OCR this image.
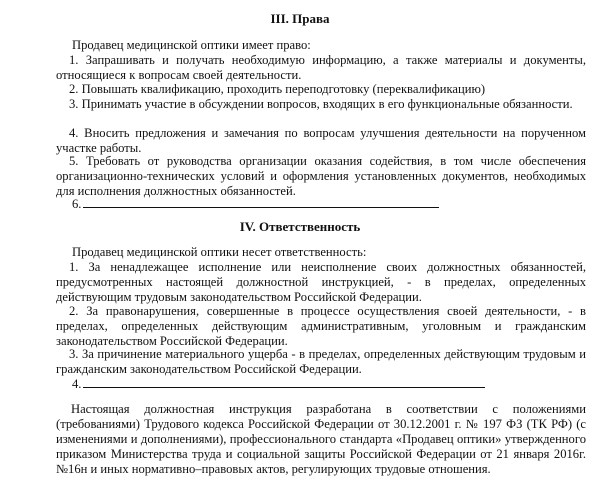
III. Права

Продавец медицинской оптики имеет право:

1. Запрашивать и получать необходимую информацию, а также материалы и документы, относящиеся к вопросам своей деятельности.

2. Повышать квалификацию, проходить переподготовку (переквалификацию)

3. Принимать участие в обсуждении вопросов, входящих в его функциональные обязанности.

4. Вносить предложения и замечания по вопросам улучшения деятельности на порученном участке работы.

5. Требовать от руководства организации оказания содействия, в том числе обеспечения организационно-технических условий и оформления установленных документов, необходимых для исполнения должностных обязанностей.

6.
IV. Ответственность

Продавец медицинской оптики несет ответственность:

1. За ненадлежащее исполнение или неисполнение своих должностных обязанностей, предусмотренных настоящей должностной инструкцией, - в пределах, определенных действующим трудовым законодательством Российской Федерации.

2. За правонарушения, совершенные в процессе осуществления своей деятельности, - в пределах, определенных действующим административным, уголовным и гражданским законодательством Российской Федерации.

3. За причинение материального ущерба - в пределах, определенных действующим трудовым и гражданским законодательством Российской Федерации.

4.

Настоящая должностная инструкция разработана в соответствии с положениями (требованиями) Трудового кодекса Российской Федерации от 30.12.2001 г. № 197 ФЗ (ТК РФ) (с изменениями и дополнениями), профессионального стандарта «Продавец оптики» утвержденного приказом Министерства труда и социальной защиты Российской Федерации от 21 января 2016г. №16н и иных нормативно–правовых актов, регулирующих трудовые отношения.
